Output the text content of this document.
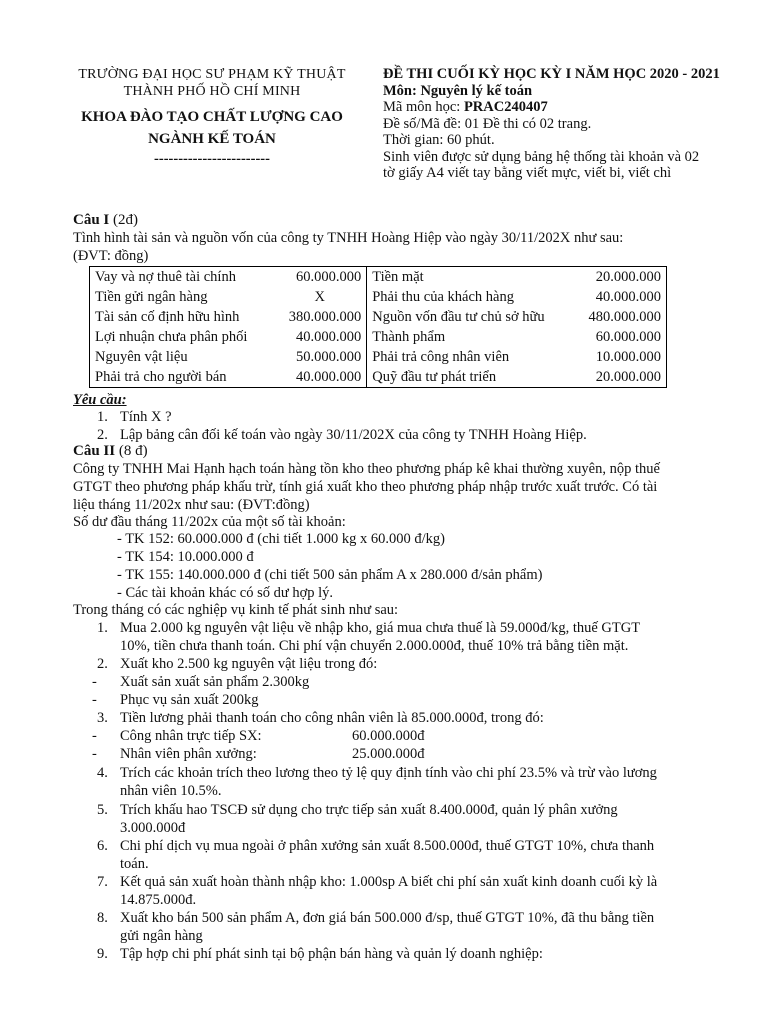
TRƯỜNG ĐẠI HỌC SƯ PHẠM KỸ THUẬT
THÀNH PHỐ HỒ CHÍ MINH
KHOA ĐÀO TẠO CHẤT LƯỢNG CAO
NGÀNH KẾ TOÁN
------------------------
ĐỀ THI CUỐI KỲ HỌC KỲ I NĂM HỌC 2020 - 2021
Môn: Nguyên lý kế toán
Mã môn học: PRAC240407
Đề số/Mã đề: 01 Đề thi có 02 trang.
Thời gian: 60 phút.
Sinh viên được sử dụng bảng hệ thống tài khoản và 02
tờ giấy A4 viết tay bằng viết mực, viết bi, viết chì
Câu I (2đ)
Tình hình tài sản và nguồn vốn của công ty TNHH Hoàng Hiệp vào ngày 30/11/202X như sau:
(ĐVT: đồng)
Vay và nợ thuê tài chính	60.000.000	Tiền mặt	20.000.000
Tiền gửi ngân hàng	X	Phải thu của khách hàng	40.000.000
Tài sản cố định hữu hình	380.000.000	Nguồn vốn đầu tư chủ sở hữu	480.000.000
Lợi nhuận chưa phân phối	40.000.000	Thành phẩm	60.000.000
Nguyên vật liệu	50.000.000	Phải trả công nhân viên	10.000.000
Phải trả cho người bán	40.000.000	Quỹ đầu tư phát triển	20.000.000
Yêu cầu:
1. Tính X ?
2. Lập bảng cân đối kế toán vào ngày 30/11/202X của công ty TNHH Hoàng Hiệp.
Câu II (8 đ)
Công ty TNHH Mai Hạnh hạch toán hàng tồn kho theo phương pháp kê khai thường xuyên, nộp thuế
GTGT theo phương pháp khấu trừ, tính giá xuất kho theo phương pháp nhập trước xuất trước. Có tài
liệu tháng 11/202x như sau: (ĐVT:đồng)
Số dư đầu tháng 11/202x của một số tài khoản:
- TK 152: 60.000.000 đ (chi tiết 1.000 kg x 60.000 đ/kg)
- TK 154: 10.000.000 đ
- TK 155: 140.000.000 đ (chi tiết 500 sản phẩm A x 280.000 đ/sản phẩm)
- Các tài khoản khác có số dư hợp lý.
Trong tháng có các nghiệp vụ kinh tế phát sinh như sau:
1. Mua 2.000 kg nguyên vật liệu về nhập kho, giá mua chưa thuế là 59.000đ/kg, thuế GTGT
10%, tiền chưa thanh toán. Chi phí vận chuyển 2.000.000đ, thuế 10% trả bằng tiền mặt.
2. Xuất kho 2.500 kg nguyên vật liệu trong đó:
- Xuất sản xuất sản phẩm 2.300kg
- Phục vụ sản xuất 200kg
3. Tiền lương phải thanh toán cho công nhân viên là 85.000.000đ, trong đó:
- Công nhân trực tiếp SX:	60.000.000đ
- Nhân viên phân xưởng:	25.000.000đ
4. Trích các khoản trích theo lương theo tỷ lệ quy định tính vào chi phí 23.5% và trừ vào lương
nhân viên 10.5%.
5. Trích khấu hao TSCĐ sử dụng cho trực tiếp sản xuất 8.400.000đ, quản lý phân xưởng
3.000.000đ
6. Chi phí dịch vụ mua ngoài ở phân xưởng sản xuất 8.500.000đ, thuế GTGT 10%, chưa thanh
toán.
7. Kết quả sản xuất hoàn thành nhập kho: 1.000sp A biết chi phí sản xuất kinh doanh cuối kỳ là
14.875.000đ.
8. Xuất kho bán 500 sản phẩm A, đơn giá bán 500.000 đ/sp, thuế GTGT 10%, đã thu bằng tiền
gửi ngân hàng
9. Tập hợp chi phí phát sinh tại bộ phận bán hàng và quản lý doanh nghiệp:
